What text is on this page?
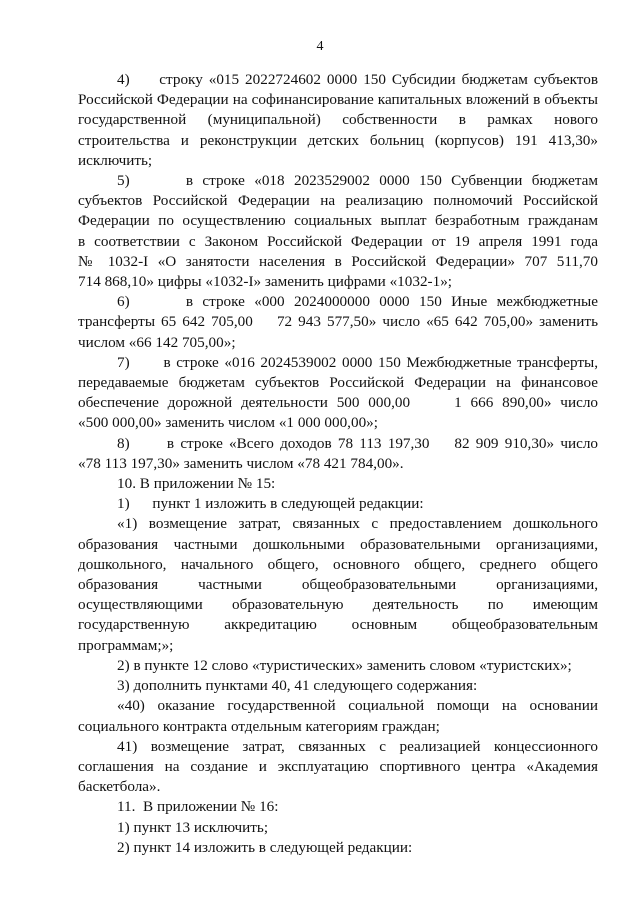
4
4)     строку «015 2022724602 0000 150 Субсидии бюджетам субъектов
Российской Федерации на софинансирование капитальных вложений в объекты
государственной (муниципальной) собственности в рамках нового
строительства и реконструкции детских больниц (корпусов) 191 413,30»
исключить;
5)      в строке «018 2023529002 0000 150 Субвенции бюджетам
субъектов Российской Федерации на реализацию полномочий Российской
Федерации по осуществлению социальных выплат безработным гражданам
в соответствии с Законом Российской Федерации от 19 апреля 1991 года
№ 1032-I «О занятости населения в Российской Федерации» 707 511,70
714 868,10» цифры «1032-I» заменить цифрами «1032-1»;
6)      в строке «000 2024000000 0000 150 Иные межбюджетные
трансферты 65 642 705,00    72 943 577,50» число «65 642 705,00» заменить
числом «66 142 705,00»;
7)      в строке «016 2024539002 0000 150 Межбюджетные трансферты,
передаваемые бюджетам субъектов Российской Федерации на финансовое
обеспечение дорожной деятельности 500 000,00     1 666 890,00» число
«500 000,00» заменить числом «1 000 000,00»;
8)      в строке «Всего доходов 78 113 197,30    82 909 910,30» число
«78 113 197,30» заменить числом «78 421 784,00».
10. В приложении № 15:
1)      пункт 1 изложить в следующей редакции:
«1) возмещение затрат, связанных с предоставлением дошкольного
образования частными дошкольными образовательными организациями,
дошкольного, начального общего, основного общего, среднего общего
образования частными общеобразовательными организациями,
осуществляющими образовательную деятельность по имеющим
государственную аккредитацию основным общеобразовательным
программам;»;
2) в пункте 12 слово «туристических» заменить словом «туристских»;
3) дополнить пунктами 40, 41 следующего содержания:
«40) оказание государственной социальной помощи на основании
социального контракта отдельным категориям граждан;
41) возмещение затрат, связанных с реализацией концессионного
соглашения на создание и эксплуатацию спортивного центра «Академия
баскетбола».
11.  В приложении № 16:
1) пункт 13 исключить;
2) пункт 14 изложить в следующей редакции:
